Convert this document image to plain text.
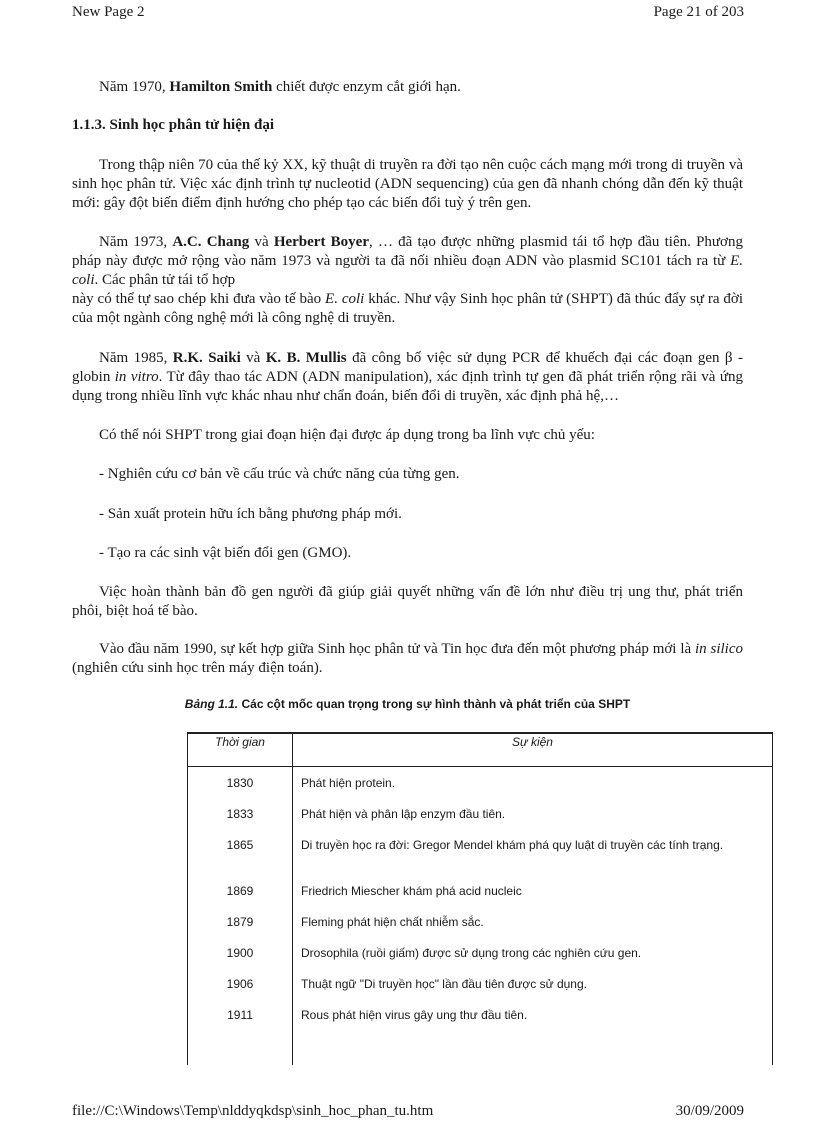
New Page 2	Page 21 of 203

Năm 1970, Hamilton Smith chiết được enzym cắt giới hạn.

1.1.3. Sinh học phân tử hiện đại

Trong thập niên 70 của thế kỷ XX, kỹ thuật di truyền ra đời tạo nên cuộc cách mạng mới trong di truyền và sinh học phân tử. Việc xác định trình tự nucleotid (ADN sequencing) của gen đã nhanh chóng dẫn đến kỹ thuật mới: gây đột biến điểm định hướng cho phép tạo các biến đổi tuỳ ý trên gen.

Năm 1973, A.C. Chang và Herbert Boyer, … đã tạo được những plasmid tái tổ hợp đầu tiên. Phương pháp này được mở rộng vào năm 1973 và người ta đã nối nhiều đoạn ADN vào plasmid SC101 tách ra từ E. coli. Các phân tử tái tổ hợp
này có thể tự sao chép khi đưa vào tế bào E. coli khác. Như vậy Sinh học phân tử (SHPT) đã thúc đẩy sự ra đời của một ngành công nghệ mới là công nghệ di truyền.

Năm 1985, R.K. Saiki và K. B. Mullis đã công bố việc sử dụng PCR để khuếch đại các đoạn gen β - globin in vitro. Từ đây thao tác ADN (ADN manipulation), xác định trình tự gen đã phát triển rộng rãi và ứng dụng trong nhiều lĩnh vực khác nhau như chẩn đoán, biến đổi di truyền, xác định phả hệ,…

Có thể nói SHPT trong giai đoạn hiện đại được áp dụng trong ba lĩnh vực chủ yếu:

- Nghiên cứu cơ bản về cấu trúc và chức năng của từng gen.

- Sản xuất protein hữu ích bằng phương pháp mới.

- Tạo ra các sinh vật biến đổi gen (GMO).

Việc hoàn thành bản đồ gen người đã giúp giải quyết những vấn đề lớn như điều trị ung thư, phát triển phôi, biệt hoá tế bào.

Vào đầu năm 1990, sự kết hợp giữa Sinh học phân tử và Tin học đưa đến một phương pháp mới là in silico (nghiên cứu sinh học trên máy điện toán).

Bảng 1.1. Các cột mốc quan trọng trong sự hình thành và phát triển của SHPT
Thời gian	Sự kiện
1830	Phát hiện protein.
1833	Phát hiện và phân lập enzym đầu tiên.
1865	Di truyền học ra đời: Gregor Mendel khám phá quy luật di truyền các tính trạng.
1869	Friedrich Miescher khám phá acid nucleic
1879	Fleming phát hiện chất nhiễm sắc.
1900	Drosophila (ruồi giấm) được sử dụng trong các nghiên cứu gen.
1906	Thuật ngữ "Di truyền học" lần đầu tiên được sử dụng.
1911	Rous phát hiện virus gây ung thư đầu tiên.

file://C:\Windows\Temp\nlddyqkdsp\sinh_hoc_phan_tu.htm	30/09/2009
